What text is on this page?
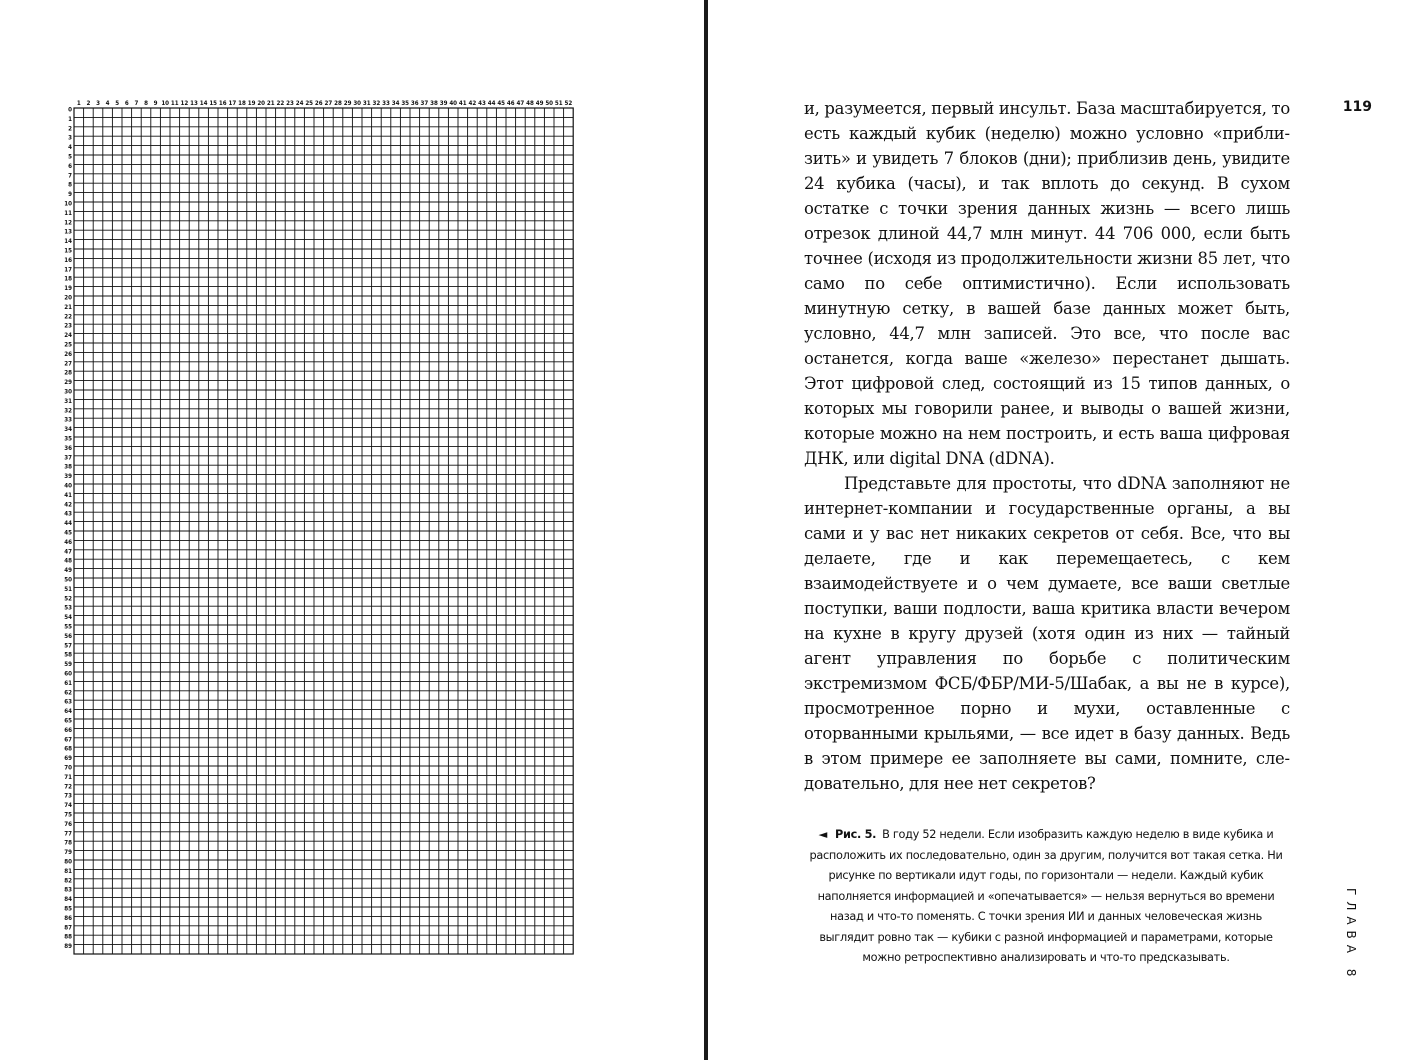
1 2 3 4 5 6 7 8 9 10 11 12 13 14 15 16 17 18 19 20 21 22 23 24 25 26 27 28 29 30 31 32 33 34 35 36 37 38 39 40 41 42 43 44 45 46 47 48 49 50 51 52
0
1
2
3
4
5
6
7
8
9
10
11
12
13
14
15
16
17
18
19
20
21
22
23
24
25
26
27
28
29
30
31
32
33
34
35
36
37
38
39
40
41
42
43
44
45
46
47
48
49
50
51
52
53
54
55
56
57
58
59
60
61
62
63
64
65
66
67
68
69
70
71
72
73
74
75
76
77
78
79
80
81
82
83
84
85
86
87
88
89
119

и, разумеется, первый инсульт. База масштабируется, то есть каждый кубик (неделю) можно условно «приблизить» и увидеть 7 блоков (дни); приблизив день, увидите 24 кубика (часы), и так вплоть до секунд. В сухом остатке с точки зрения данных жизнь — всего лишь отрезок длиной 44,7 млн минут. 44 706 000, если быть точнее (исходя из продолжительности жизни 85 лет, что само по себе оптимистично). Если использовать минутную сетку, в вашей базе данных может быть, условно, 44,7 млн записей. Это все, что после вас останется, когда ваше «железо» перестанет дышать. Этот цифровой след, состоящий из 15 типов данных, о которых мы говорили ранее, и выводы о вашей жизни, которые можно на нем построить, и есть ваша цифровая ДНК, или digital DNA (dDNA).

Представьте для простоты, что dDNA заполняют не интернет-компании и государственные органы, а вы сами и у вас нет никаких секретов от себя. Все, что вы делаете, где и как перемещаетесь, с кем взаимодействуете и о чем думаете, все ваши светлые поступки, ваши подлости, ваша критика власти вечером на кухне в кругу друзей (хотя один из них — тайный агент управления по борьбе с политическим экстремизмом ФСБ/ФБР/МИ-5/Шабак, а вы не в курсе), просмотренное порно и мухи, оставленные с оторванными крыльями, — все идет в базу данных. Ведь в этом примере ее заполняете вы сами, помните, следовательно, для нее нет секретов?

◄ Рис. 5. В году 52 недели. Если изобразить каждую неделю в виде кубика и расположить их последовательно, один за другим, получится вот такая сетка. Ни рисунке по вертикали идут годы, по горизонтали — недели. Каждый кубик наполняется информацией и «опечатывается» — нельзя вернуться во времени назад и что-то поменять. С точки зрения ИИ и данных человеческая жизнь выглядит ровно так — кубики с разной информацией и параметрами, которые можно ретроспективно анализировать и что-то предсказывать.	ГЛАВА 8
